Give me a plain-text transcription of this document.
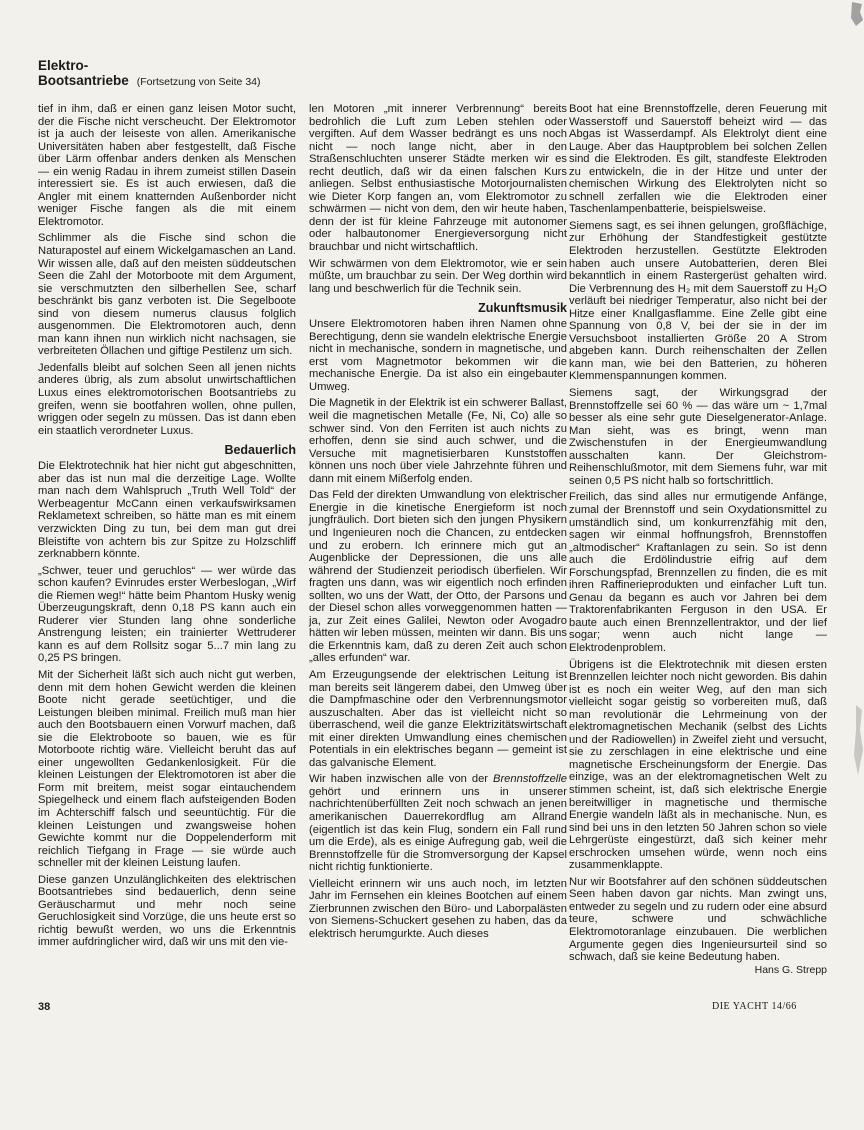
Elektro-
Bootsantriebe (Fortsetzung von Seite 34)

tief in ihm, daß er einen ganz leisen Motor sucht, der die Fische nicht verscheucht. Der Elektromotor ist ja auch der leiseste von allen. Amerikanische Universitäten haben aber festgestellt, daß Fische über Lärm offenbar anders denken als Menschen — ein wenig Radau in ihrem zumeist stillen Dasein interessiert sie. Es ist auch erwiesen, daß die Angler mit einem knatternden Außenborder nicht weniger Fische fangen als die mit einem Elektromotor.

Schlimmer als die Fische sind schon die Naturapostel auf einem Wickelgamaschen an Land. Wir wissen alle, daß auf den meisten süddeutschen Seen die Zahl der Motorboote mit dem Argument, sie verschmutzten den silberhellen See, scharf beschränkt bis ganz verboten ist. Die Segelboote sind von diesem numerus clausus folglich ausgenommen. Die Elektromotoren auch, denn man kann ihnen nun wirklich nicht nachsagen, sie verbreiteten Öllachen und giftige Pestilenz um sich.

Jedenfalls bleibt auf solchen Seen all jenen nichts anderes übrig, als zum absolut unwirtschaftlichen Luxus eines elektromotorischen Bootsantriebs zu greifen, wenn sie bootfahren wollen, ohne pullen, wriggen oder segeln zu müssen. Das ist dann eben ein staatlich verordneter Luxus.

Bedauerlich

Die Elektrotechnik hat hier nicht gut abgeschnitten, aber das ist nun mal die derzeitige Lage. Wollte man nach dem Wahlspruch „Truth Well Told“ der Werbeagentur McCann einen verkaufswirksamen Reklametext schreiben, so hätte man es mit einem verzwickten Ding zu tun, bei dem man gut drei Bleistifte von achtern bis zur Spitze zu Holzschliff zerknabbern könnte.

„Schwer, teuer und geruchlos“ — wer würde das schon kaufen? Evinrudes erster Werbeslogan, „Wirf die Riemen weg!“ hätte beim Phantom Husky wenig Überzeugungskraft, denn 0,18 PS kann auch ein Ruderer vier Stunden lang ohne sonderliche Anstrengung leisten; ein trainierter Wettruderer kann es auf dem Rollsitz sogar 5...7 min lang zu 0,25 PS bringen.

Mit der Sicherheit läßt sich auch nicht gut werben, denn mit dem hohen Gewicht werden die kleinen Boote nicht gerade seetüchtiger, und die Leistungen bleiben minimal. Freilich muß man hier auch den Bootsbauern einen Vorwurf machen, daß sie die Elektroboote so bauen, wie es für Motorboote richtig wäre. Vielleicht beruht das auf einer ungewollten Gedankenlosigkeit. Für die kleinen Leistungen der Elektromotoren ist aber die Form mit breitem, meist sogar eintauchendem Spiegelheck und einem flach aufsteigenden Boden im Achterschiff falsch und seeuntüchtig. Für die kleinen Leistungen und zwangsweise hohen Gewichte kommt nur die Doppelenderform mit reichlich Tiefgang in Frage — sie würde auch schneller mit der kleinen Leistung laufen.

Diese ganzen Unzulänglichkeiten des elektrischen Bootsantriebes sind bedauerlich, denn seine Geräuscharmut und mehr noch seine Geruchlosigkeit sind Vorzüge, die uns heute erst so richtig bewußt werden, wo uns die Erkenntnis immer aufdringlicher wird, daß wir uns mit den vie-

len Motoren „mit innerer Verbrennung“ bereits bedrohlich die Luft zum Leben stehlen oder vergiften. Auf dem Wasser bedrängt es uns noch nicht — noch lange nicht, aber in den Straßenschluchten unserer Städte merken wir es recht deutlich, daß wir da einen falschen Kurs anliegen. Selbst enthusiastische Motorjournalisten wie Dieter Korp fangen an, vom Elektromotor zu schwärmen — nicht von dem, den wir heute haben, denn der ist für kleine Fahrzeuge mit autonomer oder halbautonomer Energieversorgung nicht brauchbar und nicht wirtschaftlich.

Wir schwärmen von dem Elektromotor, wie er sein müßte, um brauchbar zu sein. Der Weg dorthin wird lang und beschwerlich für die Technik sein.

Zukunftsmusik

Unsere Elektromotoren haben ihren Namen ohne Berechtigung, denn sie wandeln elektrische Energie nicht in mechanische, sondern in magnetische, und erst vom Magnetmotor bekommen wir die mechanische Energie. Da ist also ein eingebauter Umweg.

Die Magnetik in der Elektrik ist ein schwerer Ballast, weil die magnetischen Metalle (Fe, Ni, Co) alle so schwer sind. Von den Ferriten ist auch nichts zu erhoffen, denn sie sind auch schwer, und die Versuche mit magnetisierbaren Kunststoffen können uns noch über viele Jahrzehnte führen und dann mit einem Mißerfolg enden.

Das Feld der direkten Umwandlung von elektrischer Energie in die kinetische Energieform ist noch jungfräulich. Dort bieten sich den jungen Physikern und Ingenieuren noch die Chancen, zu entdecken und zu erobern. Ich erinnere mich gut an Augenblicke der Depressionen, die uns alle während der Studienzeit periodisch überfielen. Wir fragten uns dann, was wir eigentlich noch erfinden sollten, wo uns der Watt, der Otto, der Parsons und der Diesel schon alles vorweggenommen hatten — ja, zur Zeit eines Galilei, Newton oder Avogadro hätten wir leben müssen, meinten wir dann. Bis uns die Erkenntnis kam, daß zu deren Zeit auch schon „alles erfunden“ war.

Am Erzeugungsende der elektrischen Leitung ist man bereits seit längerem dabei, den Umweg über die Dampfmaschine oder den Verbrennungsmotor auszuschalten. Aber das ist vielleicht nicht so überraschend, weil die ganze Elektrizitätswirtschaft mit einer direkten Umwandlung eines chemischen Potentials in ein elektrisches begann — gemeint ist das galvanische Element.

Wir haben inzwischen alle von der Brennstoffzelle gehört und erinnern uns in unserer nachrichtenüberfüllten Zeit noch schwach an jenen amerikanischen Dauerrekordflug am Allrand (eigentlich ist das kein Flug, sondern ein Fall rund um die Erde), als es einige Aufregung gab, weil die Brennstoffzelle für die Stromversorgung der Kapsel nicht richtig funktionierte.

Vielleicht erinnern wir uns auch noch, im letzten Jahr im Fernsehen ein kleines Bootchen auf einem Zierbrunnen zwischen den Büro- und Laborpalästen von Siemens-Schuckert gesehen zu haben, das da elektrisch herumgurkte. Auch dieses

Boot hat eine Brennstoffzelle, deren Feuerung mit Wasserstoff und Sauerstoff beheizt wird — das Abgas ist Wasserdampf. Als Elektrolyt dient eine Lauge. Aber das Hauptproblem bei solchen Zellen sind die Elektroden. Es gilt, standfeste Elektroden zu entwickeln, die in der Hitze und unter der chemischen Wirkung des Elektrolyten nicht so schnell zerfallen wie die Elektroden einer Taschenlampenbatterie, beispielsweise.

Siemens sagt, es sei ihnen gelungen, großflächige, zur Erhöhung der Standfestigkeit gestützte Elektroden herzustellen. Gestützte Elektroden haben auch unsere Autobatterien, deren Blei bekanntlich in einem Rastergerüst gehalten wird. Die Verbrennung des H₂ mit dem Sauerstoff zu H₂O verläuft bei niedriger Temperatur, also nicht bei der Hitze einer Knallgasflamme. Eine Zelle gibt eine Spannung von 0,8 V, bei der sie in der im Versuchsboot installierten Größe 20 A Strom abgeben kann. Durch reihenschalten der Zellen kann man, wie bei den Batterien, zu höheren Klemmenspannungen kommen.

Siemens sagt, der Wirkungsgrad der Brennstoffzelle sei 60 % — das wäre um ~ 1,7mal besser als eine sehr gute Dieselgenerator-Anlage. Man sieht, was es bringt, wenn man Zwischenstufen in der Energieumwandlung ausschalten kann. Der Gleichstrom-Reihenschlußmotor, mit dem Siemens fuhr, war mit seinen 0,5 PS nicht halb so fortschrittlich.

Freilich, das sind alles nur ermutigende Anfänge, zumal der Brennstoff und sein Oxydationsmittel zu umständlich sind, um konkurrenzfähig mit den, sagen wir einmal hoffnungsfroh, Brennstoffen „altmodischer“ Kraftanlagen zu sein. So ist denn auch die Erdölindustrie eifrig auf dem Forschungspfad, Brennzellen zu finden, die es mit ihren Raffinerieprodukten und einfacher Luft tun. Genau da begann es auch vor Jahren bei dem Traktorenfabrikanten Ferguson in den USA. Er baute auch einen Brennzellentraktor, und der lief sogar; wenn auch nicht lange — Elektrodenproblem.

Übrigens ist die Elektrotechnik mit diesen ersten Brennzellen leichter noch nicht geworden. Bis dahin ist es noch ein weiter Weg, auf den man sich vielleicht sogar geistig so vorbereiten muß, daß man revolutionär die Lehrmeinung von der elektromagnetischen Mechanik (selbst des Lichts und der Radiowellen) in Zweifel zieht und versucht, sie zu zerschlagen in eine elektrische und eine magnetische Erscheinungsform der Energie. Das einzige, was an der elektromagnetischen Welt zu stimmen scheint, ist, daß sich elektrische Energie bereitwilliger in magnetische und thermische Energie wandeln läßt als in mechanische. Nun, es sind bei uns in den letzten 50 Jahren schon so viele Lehrgerüste eingestürzt, daß sich keiner mehr erschrocken umsehen würde, wenn noch eins zusammenklappte.

Nur wir Bootsfahrer auf den schönen süddeutschen Seen haben davon gar nichts. Man zwingt uns, entweder zu segeln und zu rudern oder eine absurd teure, schwere und schwächliche Elektromotoranlage einzubauen. Die werblichen Argumente gegen dies Ingenieursurteil sind so schwach, daß sie keine Bedeutung haben.
Hans G. Strepp

38	DIE YACHT 14/66
